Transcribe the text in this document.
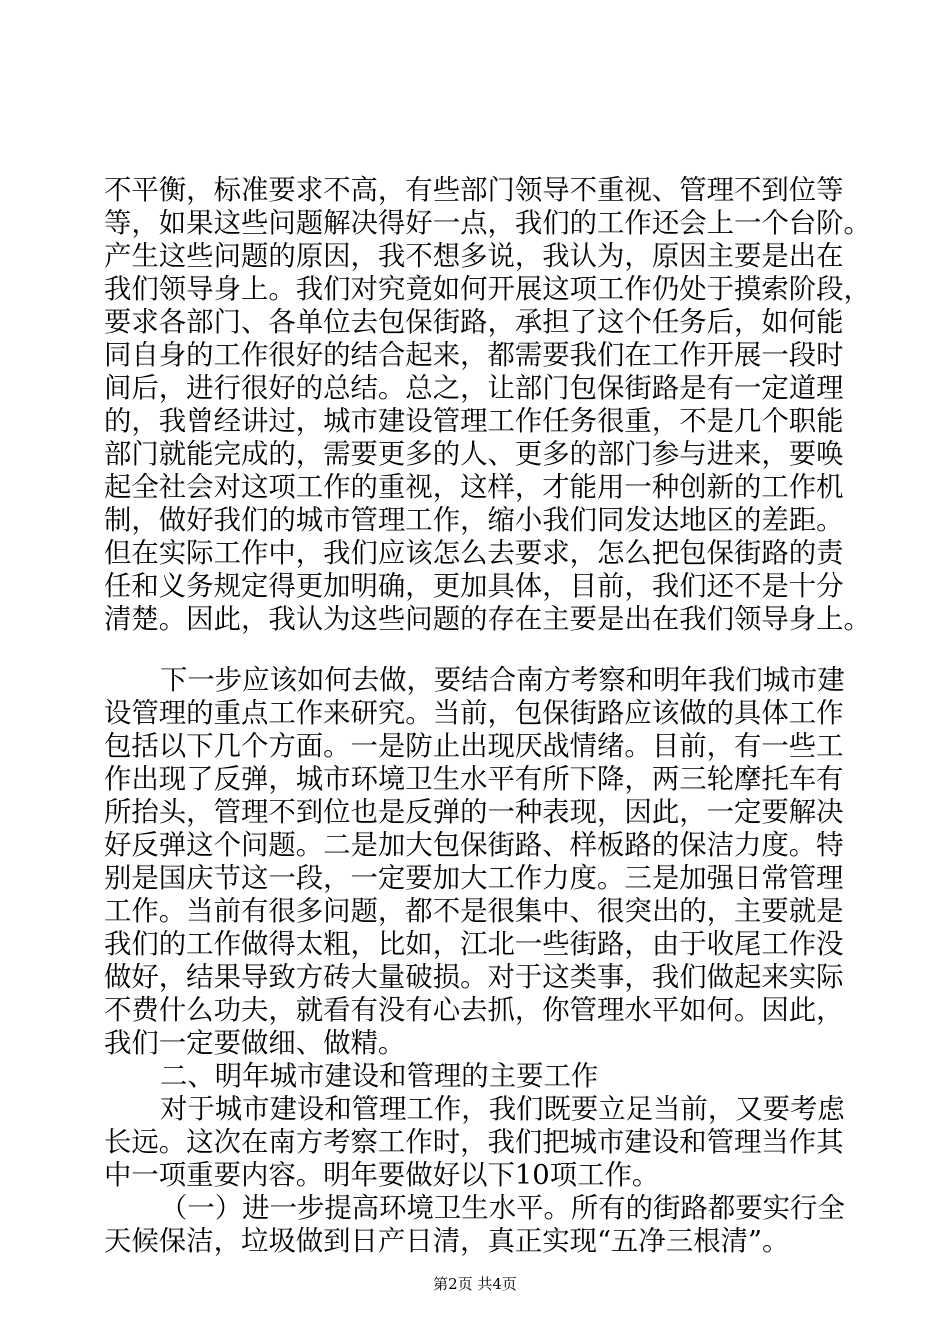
不平衡，标准要求不高，有些部门领导不重视、管理不到位等
等，如果这些问题解决得好一点，我们的工作还会上一个台阶。
产生这些问题的原因，我不想多说，我认为，原因主要是出在
我们领导身上。我们对究竟如何开展这项工作仍处于摸索阶段，
要求各部门、各单位去包保街路，承担了这个任务后，如何能
同自身的工作很好的结合起来，都需要我们在工作开展一段时
间后，进行很好的总结。总之，让部门包保街路是有一定道理
的，我曾经讲过，城市建设管理工作任务很重，不是几个职能
部门就能完成的，需要更多的人、更多的部门参与进来，要唤
起全社会对这项工作的重视，这样，才能用一种创新的工作机
制，做好我们的城市管理工作，缩小我们同发达地区的差距。
但在实际工作中，我们应该怎么去要求，怎么把包保街路的责
任和义务规定得更加明确，更加具体，目前，我们还不是十分
清楚。因此，我认为这些问题的存在主要是出在我们领导身上。
下一步应该如何去做，要结合南方考察和明年我们城市建
设管理的重点工作来研究。当前，包保街路应该做的具体工作
包括以下几个方面。一是防止出现厌战情绪。目前，有一些工
作出现了反弹，城市环境卫生水平有所下降，两三轮摩托车有
所抬头，管理不到位也是反弹的一种表现，因此，一定要解决
好反弹这个问题。二是加大包保街路、样板路的保洁力度。特
别是国庆节这一段，一定要加大工作力度。三是加强日常管理
工作。当前有很多问题，都不是很集中、很突出的，主要就是
我们的工作做得太粗，比如，江北一些街路，由于收尾工作没
做好，结果导致方砖大量破损。对于这类事，我们做起来实际
不费什么功夫，就看有没有心去抓，你管理水平如何。因此，
我们一定要做细、做精。
二、明年城市建设和管理的主要工作
对于城市建设和管理工作，我们既要立足当前，又要考虑
长远。这次在南方考察工作时，我们把城市建设和管理当作其
中一项重要内容。明年要做好以下10项工作。
（一）进一步提高环境卫生水平。所有的街路都要实行全
天候保洁，垃圾做到日产日清，真正实现“五净三根清”。
第2页 共4页
